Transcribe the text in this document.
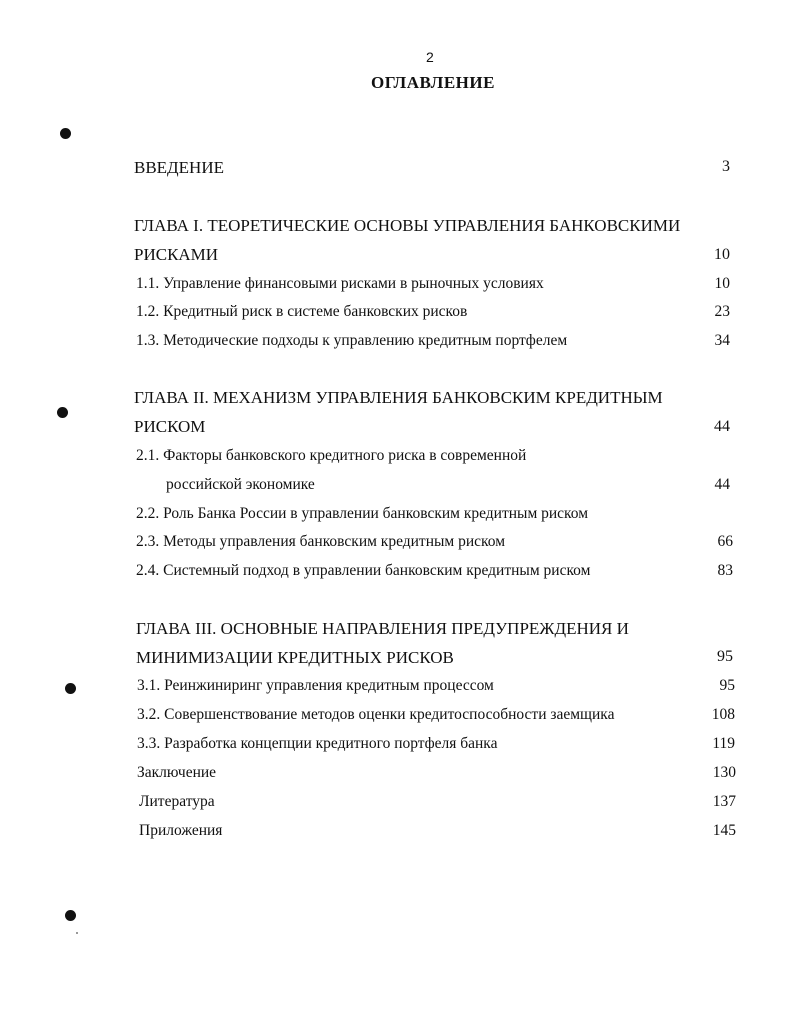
2
ОГЛАВЛЕНИЕ
ВВЕДЕНИЕ	3
ГЛАВА I. ТЕОРЕТИЧЕСКИЕ ОСНОВЫ УПРАВЛЕНИЯ БАНКОВСКИМИ
РИСКАМИ	10
1.1. Управление финансовыми рисками в рыночных условиях	10
1.2. Кредитный риск в системе банковских рисков	23
1.3. Методические подходы к управлению кредитным портфелем	34
ГЛАВА II. МЕХАНИЗМ УПРАВЛЕНИЯ БАНКОВСКИМ КРЕДИТНЫМ
РИСКОМ	44
2.1. Факторы банковского кредитного риска в современной
российской экономике	44
2.2. Роль Банка России в управлении банковским кредитным риском
2.3. Методы управления банковским кредитным риском	66
2.4. Системный подход в управлении банковским кредитным риском	83
ГЛАВА III. ОСНОВНЫЕ НАПРАВЛЕНИЯ ПРЕДУПРЕЖДЕНИЯ И
МИНИМИЗАЦИИ КРЕДИТНЫХ РИСКОВ	95
3.1. Реинжиниринг управления кредитным процессом	95
3.2. Совершенствование методов оценки кредитоспособности заемщика	108
3.3. Разработка концепции кредитного портфеля банка	119
Заключение	130
Литература	137
Приложения	145
